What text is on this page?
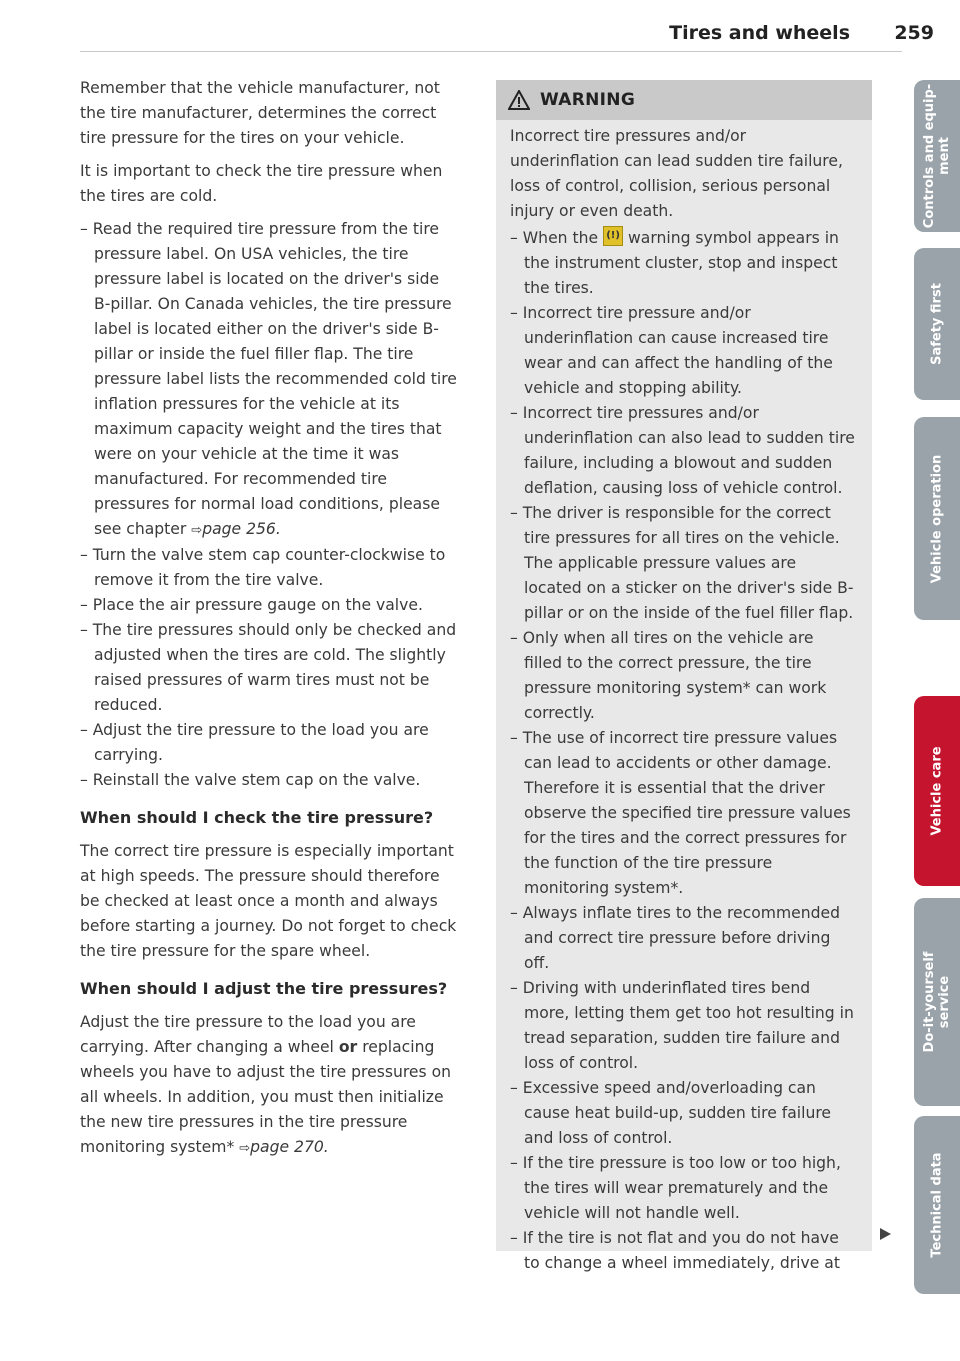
Tires and wheels 259

Remember that the vehicle manufacturer, not the tire manufacturer, determines the correct tire pressure for the tires on your vehicle.

It is important to check the tire pressure when the tires are cold.

– Read the required tire pressure from the tire pressure label. On USA vehicles, the tire pressure label is located on the driver's side B-pillar. On Canada vehicles, the tire pressure label is located either on the driver's side B-pillar or inside the fuel filler flap. The tire pressure label lists the recommended cold tire inflation pressures for the vehicle at its maximum capacity weight and the tires that were on your vehicle at the time it was manufactured. For recommended tire pressures for normal load conditions, please see chapter ⇨page 256.
– Turn the valve stem cap counter-clockwise to remove it from the tire valve.
– Place the air pressure gauge on the valve.
– The tire pressures should only be checked and adjusted when the tires are cold. The slightly raised pressures of warm tires must not be reduced.
– Adjust the tire pressure to the load you are carrying.
– Reinstall the valve stem cap on the valve.
When should I check the tire pressure?

The correct tire pressure is especially important at high speeds. The pressure should therefore be checked at least once a month and always before starting a journey. Do not forget to check the tire pressure for the spare wheel.

When should I adjust the tire pressures?

Adjust the tire pressure to the load you are carrying. After changing a wheel or replacing wheels you have to adjust the tire pressures on all wheels. In addition, you must then initialize the new tire pressures in the tire pressure monitoring system* ⇨page 270.

WARNING

Incorrect tire pressures and/or underinflation can lead sudden tire failure, loss of control, collision, serious personal injury or even death.

– When the (!) warning symbol appears in the instrument cluster, stop and inspect the tires.
– Incorrect tire pressure and/or underinflation can cause increased tire wear and can affect the handling of the vehicle and stopping ability.
– Incorrect tire pressures and/or underinflation can also lead to sudden tire failure, including a blowout and sudden deflation, causing loss of vehicle control.
– The driver is responsible for the correct tire pressures for all tires on the vehicle. The applicable pressure values are located on a sticker on the driver's side B-pillar or on the inside of the fuel filler flap.
– Only when all tires on the vehicle are filled to the correct pressure, the tire pressure monitoring system* can work correctly.
– The use of incorrect tire pressure values can lead to accidents or other damage. Therefore it is essential that the driver observe the specified tire pressure values for the tires and the correct pressures for the function of the tire pressure monitoring system*.
– Always inflate tires to the recommended and correct tire pressure before driving off.
– Driving with underinflated tires bend more, letting them get too hot resulting in tread separation, sudden tire failure and loss of control.
– Excessive speed and/overloading can cause heat build-up, sudden tire failure and loss of control.
– If the tire pressure is too low or too high, the tires will wear prematurely and the vehicle will not handle well.
– If the tire is not flat and you do not have to change a wheel immediately, drive at
Controls and equip-
ment
Safety first
Vehicle operation
Vehicle care
Do-it-yourself
service
Technical data
